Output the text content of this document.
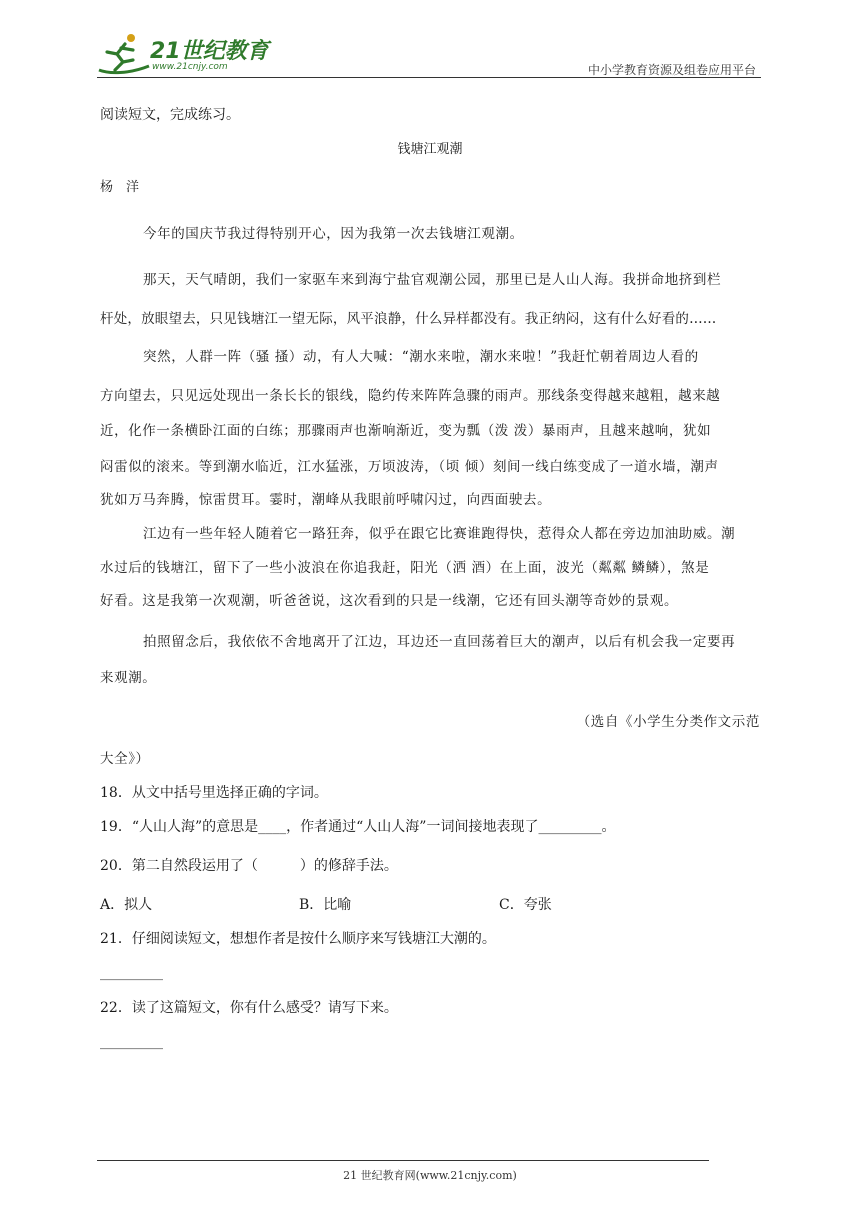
21世纪教育
www.21cnjy.com	中小学教育资源及组卷应用平台
阅读短文，完成练习。
钱塘江观潮
杨　洋
今年的国庆节我过得特别开心，因为我第一次去钱塘江观潮。
那天，天气晴朗，我们一家驱车来到海宁盐官观潮公园，那里已是人山人海。我拼命地挤到栏
杆处，放眼望去，只见钱塘江一望无际，风平浪静，什么异样都没有。我正纳闷，这有什么好看的……
突然，人群一阵（骚 搔）动，有人大喊：“潮水来啦，潮水来啦！”我赶忙朝着周边人看的
方向望去，只见远处现出一条长长的银线，隐约传来阵阵急骤的雨声。那线条变得越来越粗，越来越
近，化作一条横卧江面的白练；那骤雨声也渐响渐近，变为瓢（泼 泼）暴雨声，且越来越响，犹如
闷雷似的滚来。等到潮水临近，江水猛涨，万顷波涛，（顷 倾）刻间一线白练变成了一道水墙，潮声
犹如万马奔腾，惊雷贯耳。霎时，潮峰从我眼前呼啸闪过，向西面驶去。
江边有一些年轻人随着它一路狂奔，似乎在跟它比赛谁跑得快，惹得众人都在旁边加油助威。潮
水过后的钱塘江，留下了一些小波浪在你追我赶，阳光（洒 酒）在上面，波光（粼粼 鳞鳞），煞是
好看。这是我第一次观潮，听爸爸说，这次看到的只是一线潮，它还有回头潮等奇妙的景观。
拍照留念后，我依依不舍地离开了江边，耳边还一直回荡着巨大的潮声，以后有机会我一定要再
来观潮。
（选自《小学生分类作文示范
大全》）
18．从文中括号里选择正确的字词。
19．“人山人海”的意思是____，作者通过“人山人海”一词间接地表现了_________。
20．第二自然段运用了（　　　）的修辞手法。
A．拟人	B．比喻	C．夸张
21．仔细阅读短文，想想作者是按什么顺序来写钱塘江大潮的。
_________
22．读了这篇短文，你有什么感受？请写下来。
_________
21 世纪教育网(www.21cnjy.com)
